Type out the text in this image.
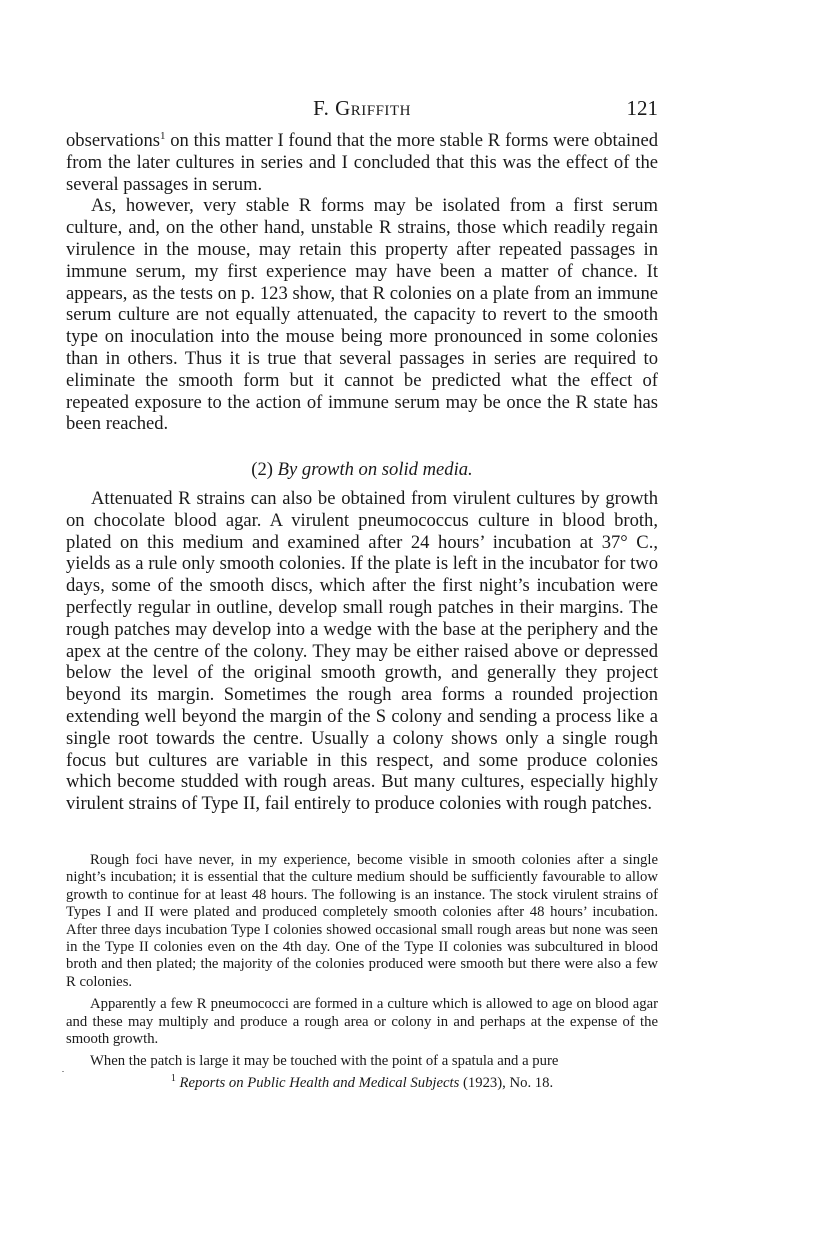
F. Griffith	121

observations$^1$ on this matter I found that the more stable R forms were obtained from the later cultures in series and I concluded that this was the effect of the several passages in serum.

As, however, very stable R forms may be isolated from a first serum culture, and, on the other hand, unstable R strains, those which readily regain virulence in the mouse, may retain this property after repeated passages in immune serum, my first experience may have been a matter of chance. It appears, as the tests on p. 123 show, that R colonies on a plate from an immune serum culture are not equally attenuated, the capacity to revert to the smooth type on inoculation into the mouse being more pronounced in some colonies than in others. Thus it is true that several passages in series are required to eliminate the smooth form but it cannot be predicted what the effect of repeated exposure to the action of immune serum may be once the R state has been reached.

(2) By growth on solid media.

Attenuated R strains can also be obtained from virulent cultures by growth on chocolate blood agar. A virulent pneumococcus culture in blood broth, plated on this medium and examined after 24 hours’ incubation at 37° C., yields as a rule only smooth colonies. If the plate is left in the incubator for two days, some of the smooth discs, which after the first night’s incubation were perfectly regular in outline, develop small rough patches in their margins. The rough patches may develop into a wedge with the base at the periphery and the apex at the centre of the colony. They may be either raised above or depressed below the level of the original smooth growth, and generally they project beyond its margin. Sometimes the rough area forms a rounded projection extending well beyond the margin of the S colony and sending a process like a single root towards the centre. Usually a colony shows only a single rough focus but cultures are variable in this respect, and some produce colonies which become studded with rough areas. But many cultures, especially highly virulent strains of Type II, fail entirely to produce colonies with rough patches.

Rough foci have never, in my experience, become visible in smooth colonies after a single night’s incubation; it is essential that the culture medium should be sufficiently favourable to allow growth to continue for at least 48 hours. The following is an instance. The stock virulent strains of Types I and II were plated and produced completely smooth colonies after 48 hours’ incubation. After three days incubation Type I colonies showed occasional small rough areas but none was seen in the Type II colonies even on the 4th day. One of the Type II colonies was subcultured in blood broth and then plated; the majority of the colonies produced were smooth but there were also a few R colonies.

Apparently a few R pneumococci are formed in a culture which is allowed to age on blood agar and these may multiply and produce a rough area or colony in and perhaps at the expense of the smooth growth.

When the patch is large it may be touched with the point of a spatula and a pure

$^1$ Reports on Public Health and Medical Subjects (1923), No. 18.
